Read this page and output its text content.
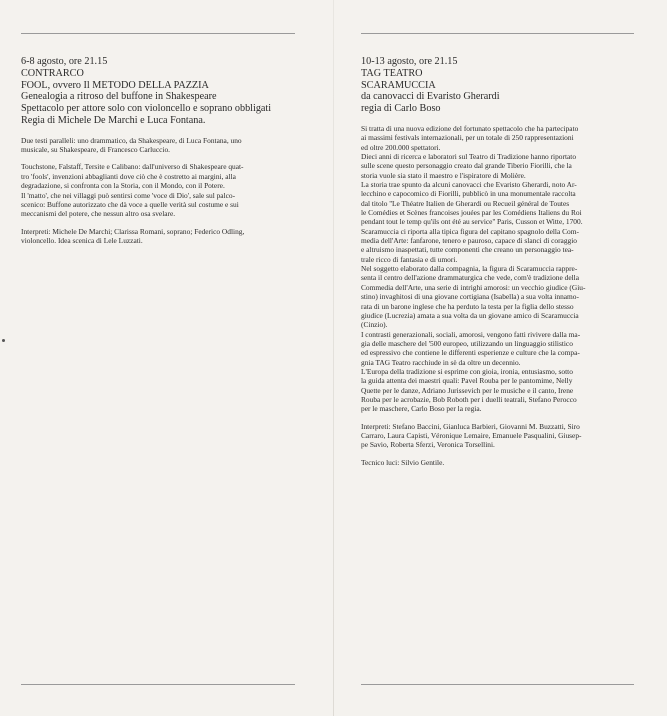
6-8 agosto, ore 21.15

CONTRARCO

FOOL, ovvero Il METODO DELLA PAZZIA

Genealogia a ritroso del buffone in Shakespeare

Spettacolo per attore solo con violoncello e soprano obbligati

Regia di Michele De Marchi e Luca Fontana.

Due testi paralleli: uno drammatico, da Shakespeare, di Luca Fontana, uno
musicale, su Shakespeare, di Francesco Carluccio.
Touchstone, Falstaff, Tersite e Calibano: dall'universo di Shakespeare quat-
tro 'fools', invenzioni abbaglianti dove ciò che è costretto ai margini, alla
degradazione, si confronta con la Storia, con il Mondo, con il Potere.
Il 'matto', che nei villaggi può sentirsi come 'voce di Dio', sale sul palco-
scenico: Buffone autorizzato che dà voce a quelle verità sul costume e sui
meccanismi del potere, che nessun altro osa svelare.
Interpreti: Michele De Marchi; Clarissa Romani, soprano; Federico Odling,
violoncello. Idea scenica di Lele Luzzati.

10-13 agosto, ore 21.15

TAG TEATRO

SCARAMUCCIA

da canovacci di Evaristo Gherardi

regia di Carlo Boso

Si tratta di una nuova edizione del fortunato spettacolo che ha partecipato
ai massimi festivals internazionali, per un totale di 250 rappresentazioni
ed oltre 200.000 spettatori.
Dieci anni di ricerca e laboratori sul Teatro di Tradizione hanno riportato
sulle scene questo personaggio creato dal grande Tiberio Fiorilli, che la
storia vuole sia stato il maestro e l'ispiratore di Molière.
La storia trae spunto da alcuni canovacci che Evaristo Gherardi, noto Ar-
lecchino e capocomico di Fiorilli, pubblicò in una monumentale raccolta
dal titolo ''Le Théatre Italien de Gherardi ou Recueil général de Toutes
le Comédies et Scènes francoises jouées par les Comédiens Italiens du Roi
pendant tout le temp qu'ils ont été au service'' Paris, Cusson et Witte, 1700.
Scaramuccia ci riporta alla tipica figura del capitano spagnolo della Com-
media dell'Arte: fanfarone, tenero e pauroso, capace di slanci di coraggio
e altruismo inaspettati, tutte componenti che creano un personaggio tea-
trale ricco di fantasia e di umori.
Nel soggetto elaborato dalla compagnia, la figura di Scaramuccia rappre-
senta il centro dell'azione drammaturgica che vede, com'è tradizione della
Commedia dell'Arte, una serie di intrighi amorosi: un vecchio giudice (Giu-
stino) invaghitosi di una giovane cortigiana (Isabella) a sua volta innamo-
rata di un barone inglese che ha perduto la testa per la figlia dello stesso
giudice (Lucrezia) amata a sua volta da un giovane amico di Scaramuccia
(Cinzio).
I contrasti generazionali, sociali, amorosi, vengono fatti rivivere dalla ma-
gia delle maschere del '500 europeo, utilizzando un linguaggio stilistico
ed espressivo che contiene le differenti esperienze e culture che la compa-
gnia TAG Teatro racchiude in sè da oltre un decennio.
L'Europa della tradizione si esprime con gioia, ironia, entusiasmo, sotto
la guida attenta dei maestri quali: Pavel Rouba per le pantomime, Nelly
Quette per le danze, Adriano Jurissevich per le musiche e il canto, Irene
Rouba per le acrobazie, Bob Roboth per i duelli teatrali, Stefano Perocco
per le maschere, Carlo Boso per la regia.
Interpreti: Stefano Baccini, Gianluca Barbieri, Giovanni M. Buzzatti, Siro
Carraro, Laura Capisti, Véronique Lemaire, Emanuele Pasqualini, Giusep-
pe Savio, Roberta Sferzi, Veronica Torsellini.

Tecnico luci: Silvio Gentile.
